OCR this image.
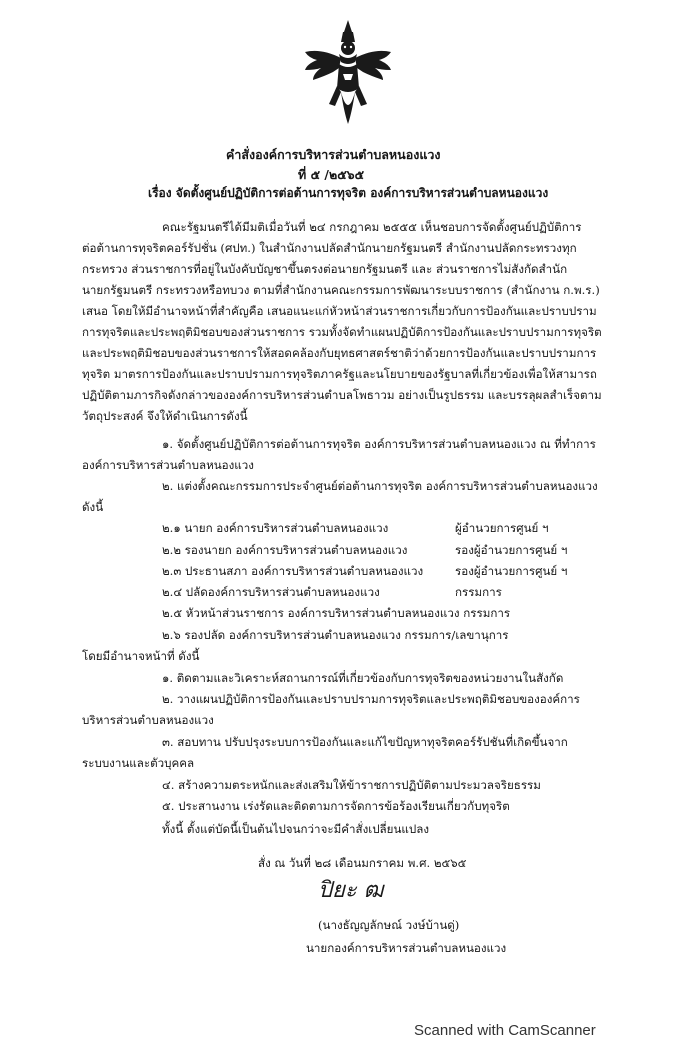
คำสั่งองค์การบริหารส่วนตำบลหนองแวง
ที่ ๕ /๒๕๖๕
เรื่อง จัดตั้งศูนย์ปฏิบัติการต่อต้านการทุจริต องค์การบริหารส่วนตำบลหนองแวง
คณะรัฐมนตรีได้มีมติเมื่อวันที่ ๒๔ กรกฎาคม ๒๕๕๕ เห็นชอบการจัดตั้งศูนย์ปฏิบัติการ
ต่อต้านการทุจริตคอร์รัปชั่น (ศปท.) ในสำนักงานปลัดสำนักนายกรัฐมนตรี สำนักงานปลัดกระทรวงทุก
กระทรวง ส่วนราชการที่อยู่ในบังคับบัญชาขึ้นตรงต่อนายกรัฐมนตรี และ ส่วนราชการไม่สังกัดสำนัก
นายกรัฐมนตรี กระทรวงหรือทบวง ตามที่สำนักงานคณะกรรมการพัฒนาระบบราชการ (สำนักงาน ก.พ.ร.)
เสนอ โดยให้มีอำนาจหน้าที่สำคัญคือ เสนอแนะแก่หัวหน้าส่วนราชการเกี่ยวกับการป้องกันและปราบปราม
การทุจริตและประพฤติมิชอบของส่วนราชการ รวมทั้งจัดทำแผนปฏิบัติการป้องกันและปราบปรามการทุจริต
และประพฤติมิชอบของส่วนราชการให้สอดคล้องกับยุทธศาสตร์ชาติว่าด้วยการป้องกันและปราบปรามการ
ทุจริต มาตรการป้องกันและปราบปรามการทุจริตภาครัฐและนโยบายของรัฐบาลที่เกี่ยวข้องเพื่อให้สามารถ
ปฏิบัติตามภารกิจดังกล่าวขององค์การบริหารส่วนตำบลโพธาวม อย่างเป็นรูปธรรม และบรรลุผลสำเร็จตาม
วัตถุประสงค์ จึงให้ดำเนินการดังนี้
๑. จัดตั้งศูนย์ปฏิบัติการต่อต้านการทุจริต องค์การบริหารส่วนตำบลหนองแวง ณ ที่ทำการ
องค์การบริหารส่วนตำบลหนองแวง
๒. แต่งตั้งคณะกรรมการประจำศูนย์ต่อต้านการทุจริต องค์การบริหารส่วนตำบลหนองแวง
ดังนี้
๒.๑ นายก องค์การบริหารส่วนตำบลหนองแวง	ผู้อำนวยการศูนย์ ฯ
๒.๒ รองนายก องค์การบริหารส่วนตำบลหนองแวง	รองผู้อำนวยการศูนย์ ฯ
๒.๓ ประธานสภา องค์การบริหารส่วนตำบลหนองแวง	รองผู้อำนวยการศูนย์ ฯ
๒.๔ ปลัดองค์การบริหารส่วนตำบลหนองแวง	กรรมการ
๒.๕ หัวหน้าส่วนราชการ องค์การบริหารส่วนตำบลหนองแวง กรรมการ
๒.๖ รองปลัด องค์การบริหารส่วนตำบลหนองแวง กรรมการ/เลขานุการ
โดยมีอำนาจหน้าที่ ดังนี้
๑. ติดตามและวิเคราะห์สถานการณ์ที่เกี่ยวข้องกับการทุจริตของหน่วยงานในสังกัด
๒. วางแผนปฏิบัติการป้องกันและปราบปรามการทุจริตและประพฤติมิชอบขององค์การ
บริหารส่วนตำบลหนองแวง
๓. สอบทาน ปรับปรุงระบบการป้องกันและแก้ไขปัญหาทุจริตคอร์รัปชันที่เกิดขึ้นจาก
ระบบงานและตัวบุคคล
๔. สร้างความตระหนักและส่งเสริมให้ข้าราชการปฏิบัติตามประมวลจริยธรรม
๕. ประสานงาน เร่งรัดและติดตามการจัดการข้อร้องเรียนเกี่ยวกับทุจริต
ทั้งนี้ ตั้งแต่บัดนี้เป็นต้นไปจนกว่าจะมีคำสั่งเปลี่ยนแปลง
สั่ง ณ วันที่ ๒๘ เดือนมกราคม พ.ศ. ๒๕๖๕
ปิยะ ฒ
(นางธัญญลักษณ์ วงษ์บ้านดู่)
นายกองค์การบริหารส่วนตำบลหนองแวง
Scanned with CamScanner
